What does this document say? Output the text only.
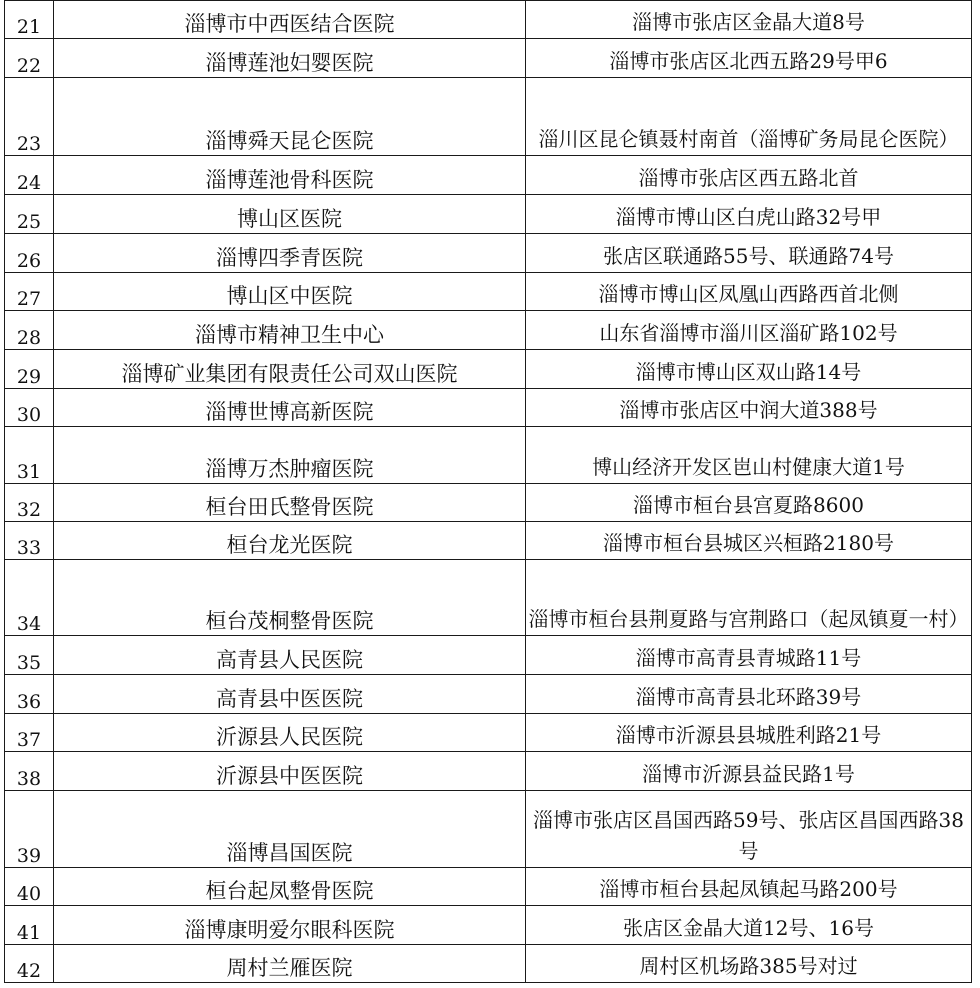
21	淄博市中西医结合医院	淄博市张店区金晶大道8号
22	淄博莲池妇婴医院	淄博市张店区北西五路29号甲6
23	淄博舜天昆仑医院	淄川区昆仑镇聂村南首（淄博矿务局昆仑医院）
24	淄博莲池骨科医院	淄博市张店区西五路北首
25	博山区医院	淄博市博山区白虎山路32号甲
26	淄博四季青医院	张店区联通路55号、联通路74号
27	博山区中医院	淄博市博山区凤凰山西路西首北侧
28	淄博市精神卫生中心	山东省淄博市淄川区淄矿路102号
29	淄博矿业集团有限责任公司双山医院	淄博市博山区双山路14号
30	淄博世博高新医院	淄博市张店区中润大道388号
31	淄博万杰肿瘤医院	博山经济开发区岜山村健康大道1号
32	桓台田氏整骨医院	淄博市桓台县宫夏路8600
33	桓台龙光医院	淄博市桓台县城区兴桓路2180号
34	桓台茂桐整骨医院	淄博市桓台县荆夏路与宫荆路口（起凤镇夏一村）
35	高青县人民医院	淄博市高青县青城路11号
36	高青县中医医院	淄博市高青县北环路39号
37	沂源县人民医院	淄博市沂源县县城胜利路21号
38	沂源县中医医院	淄博市沂源县益民路1号
39	淄博昌国医院	淄博市张店区昌国西路59号、张店区昌国西路38号
40	桓台起凤整骨医院	淄博市桓台县起凤镇起马路200号
41	淄博康明爱尔眼科医院	张店区金晶大道12号、16号
42	周村兰雁医院	周村区机场路385号对过
